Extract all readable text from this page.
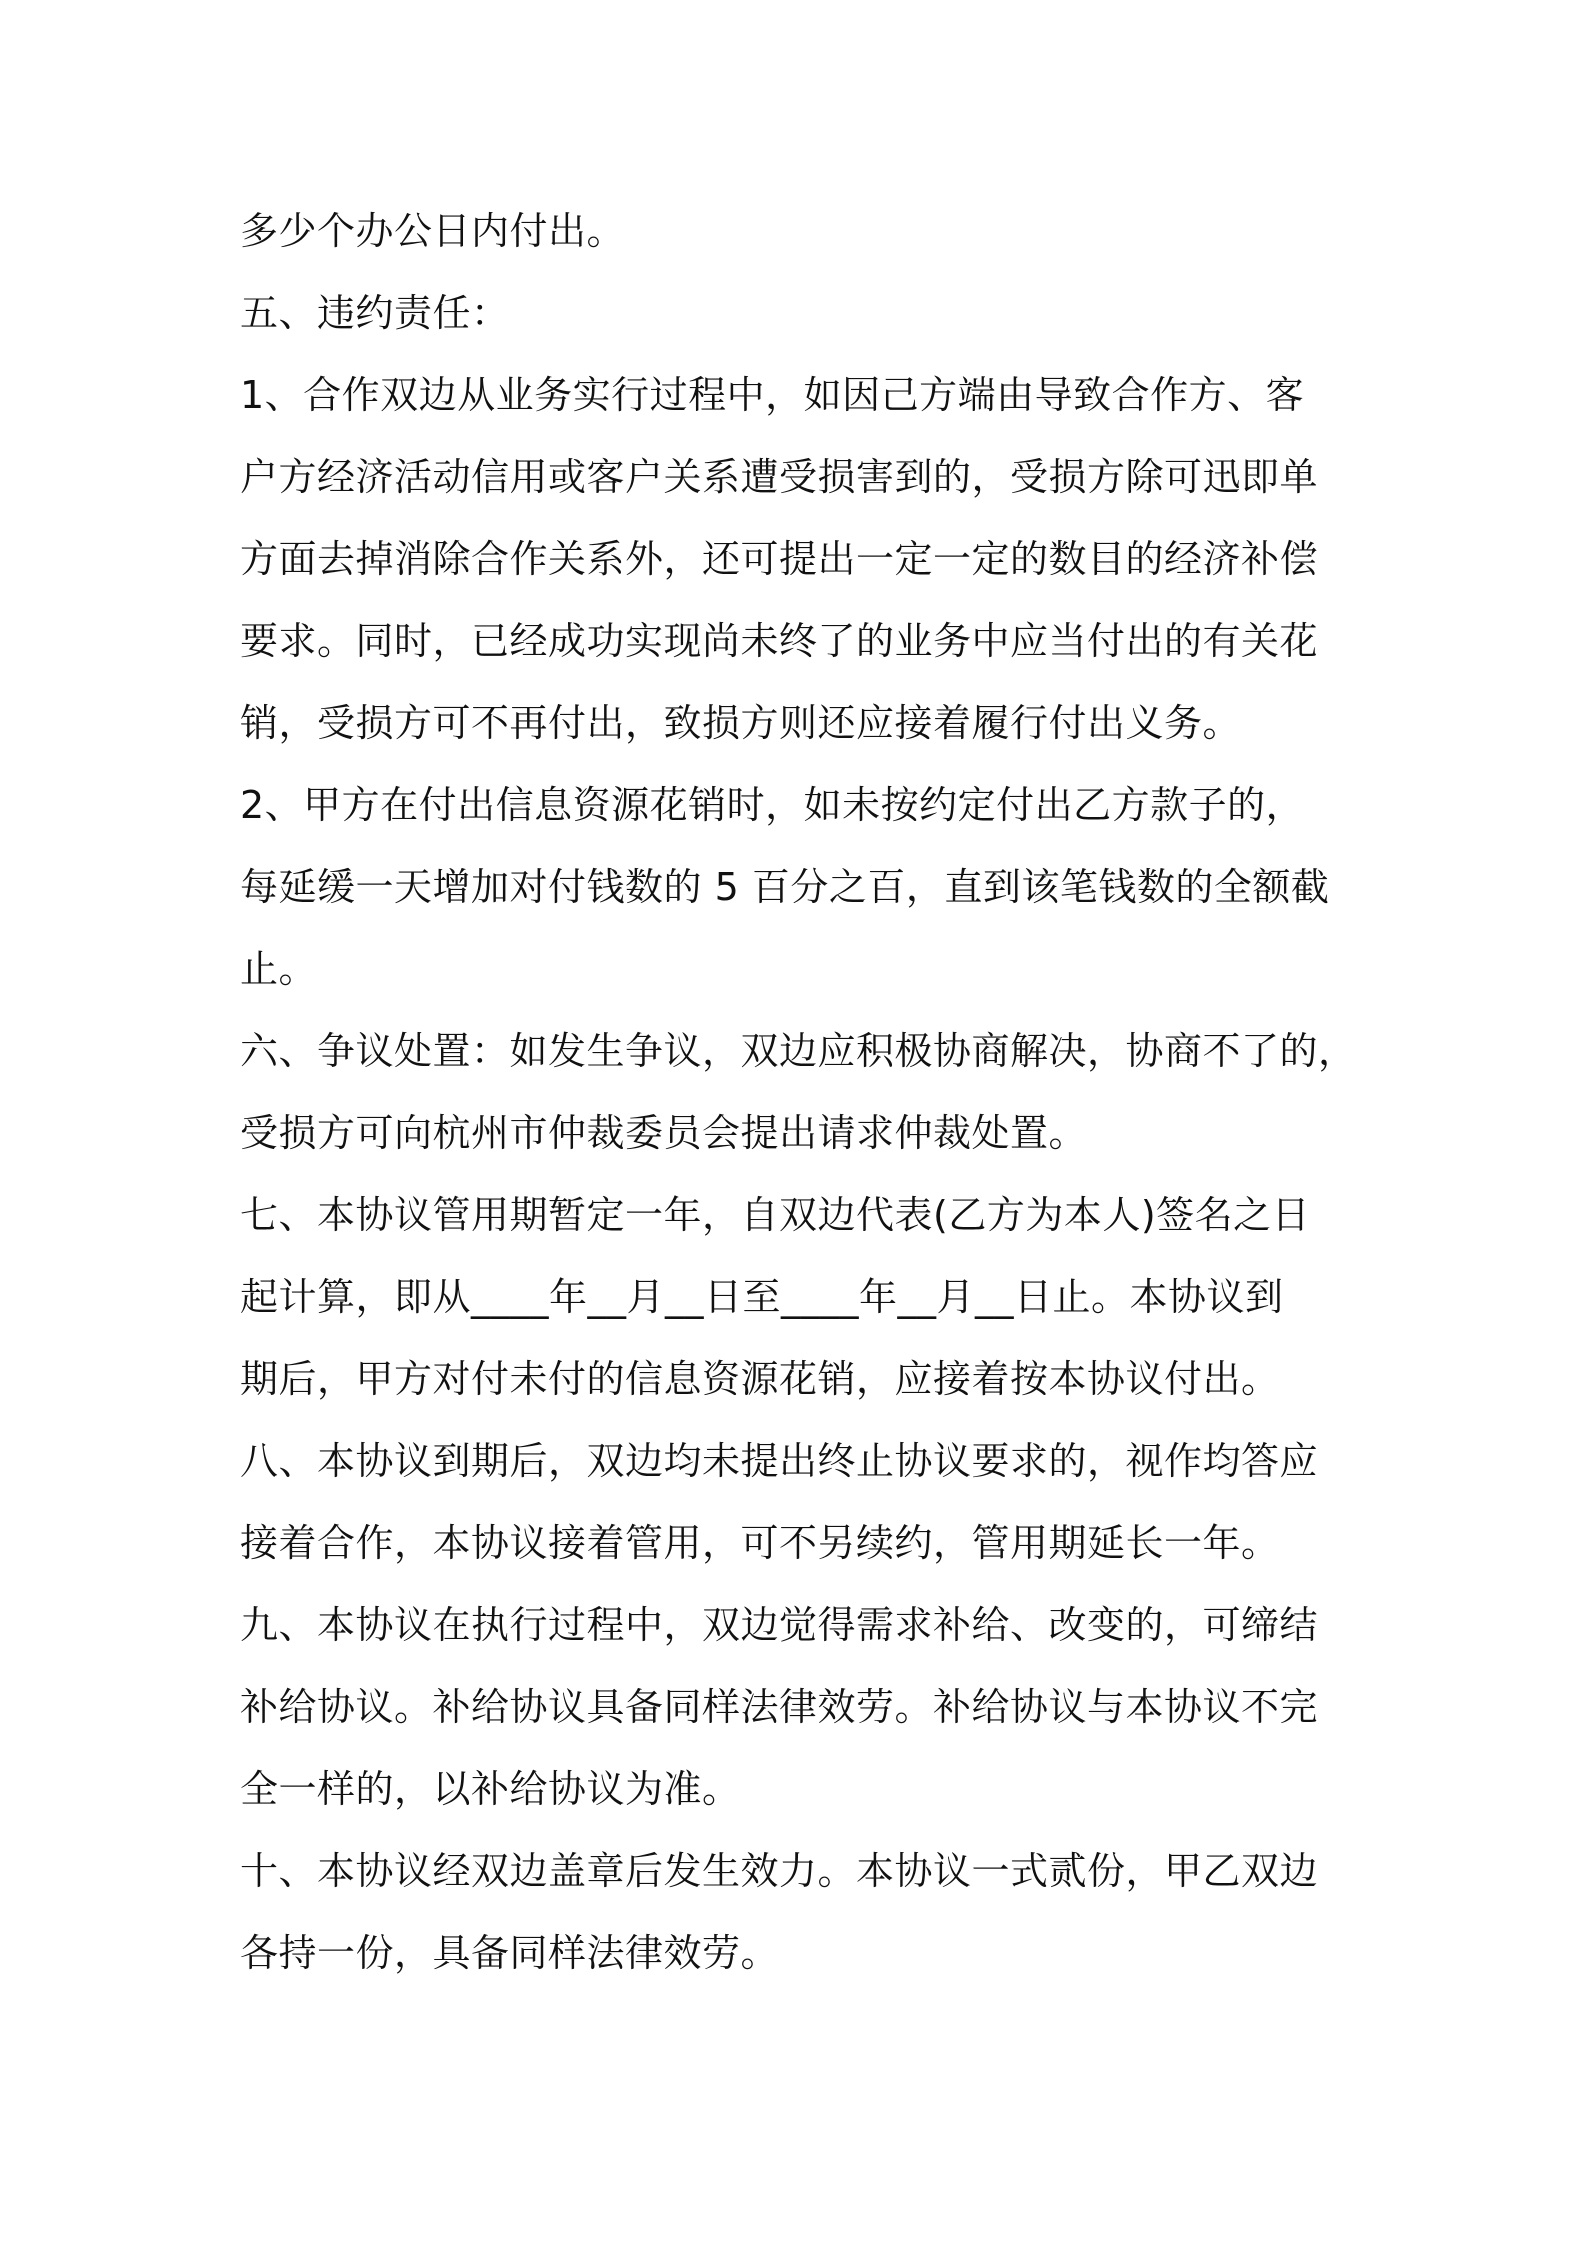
多少个办公日内付出。
五、违约责任：
1、合作双边从业务实行过程中，如因己方端由导致合作方、客
户方经济活动信用或客户关系遭受损害到的，受损方除可迅即单
方面去掉消除合作关系外，还可提出一定一定的数目的经济补偿
要求。同时，已经成功实现尚未终了的业务中应当付出的有关花
销，受损方可不再付出，致损方则还应接着履行付出义务。
2、甲方在付出信息资源花销时，如未按约定付出乙方款子的，
每延缓一天增加对付钱数的 5 百分之百，直到该笔钱数的全额截
止。
六、争议处置：如发生争议，双边应积极协商解决，协商不了的，
受损方可向杭州市仲裁委员会提出请求仲裁处置。
七、本协议管用期暂定一年，自双边代表(乙方为本人)签名之日
起计算，即从____年__月__日至____年__月__日止。本协议到
期后，甲方对付未付的信息资源花销，应接着按本协议付出。
八、本协议到期后，双边均未提出终止协议要求的，视作均答应
接着合作，本协议接着管用，可不另续约，管用期延长一年。
九、本协议在执行过程中，双边觉得需求补给、改变的，可缔结
补给协议。补给协议具备同样法律效劳。补给协议与本协议不完
全一样的，以补给协议为准。
十、本协议经双边盖章后发生效力。本协议一式贰份，甲乙双边
各持一份，具备同样法律效劳。
